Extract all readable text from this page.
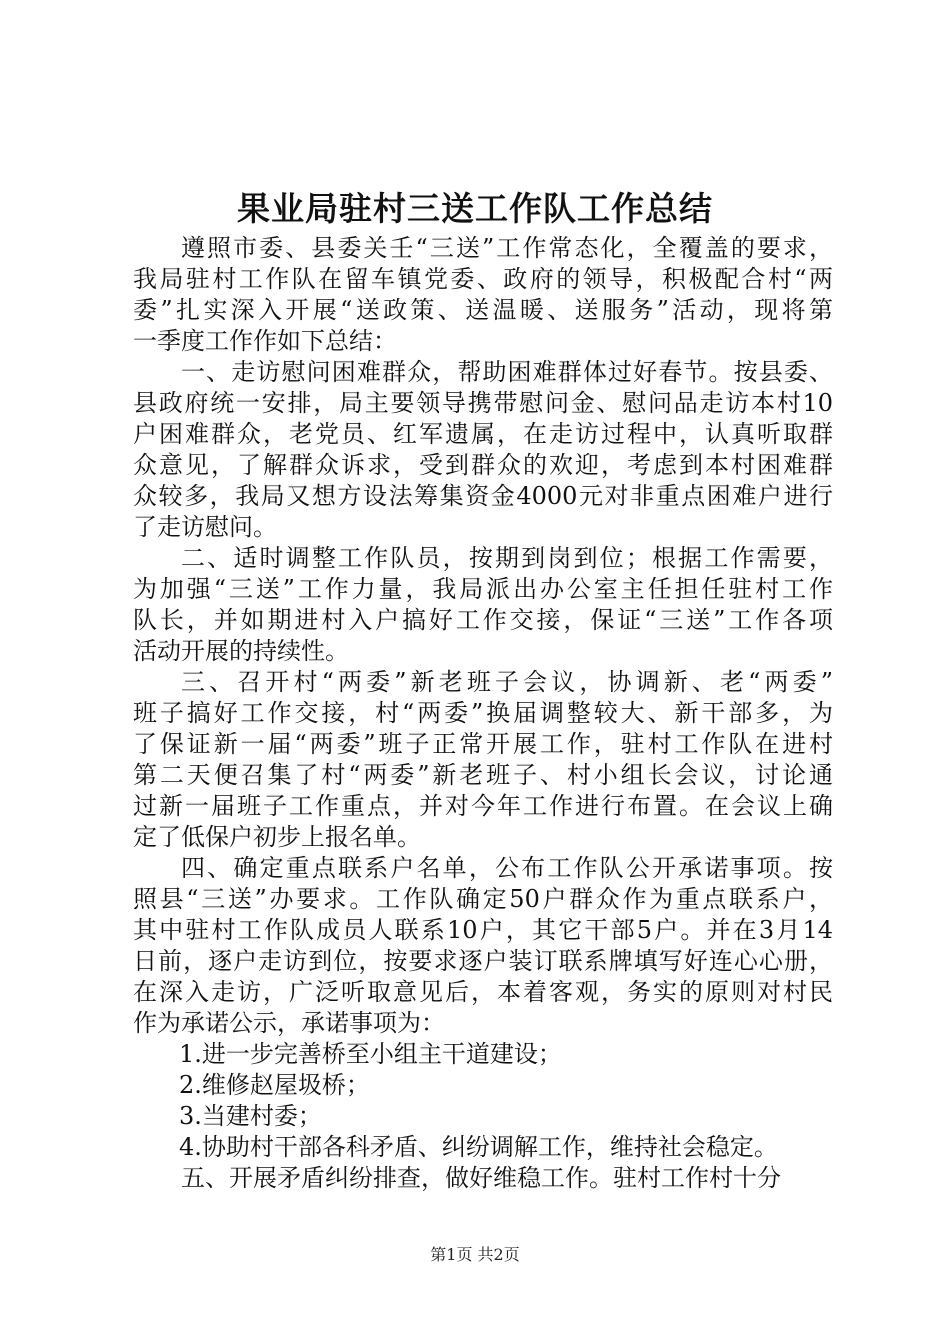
果业局驻村三送工作队工作总结
遵照市委、县委关壬“三送”工作常态化，全覆盖的要求，
我局驻村工作队在留车镇党委、政府的领导，积极配合村“两
委”扎实深入开展“送政策、送温暖、送服务”活动，现将第
一季度工作作如下总结：
一、走访慰问困难群众，帮助困难群体过好春节。按县委、
县政府统一安排，局主要领导携带慰问金、慰问品走访本村10
户困难群众，老党员、红军遗属，在走访过程中，认真听取群
众意见，了解群众诉求，受到群众的欢迎，考虑到本村困难群
众较多，我局又想方设法筹集资金4000元对非重点困难户进行
了走访慰问。
二、适时调整工作队员，按期到岗到位；根据工作需要，
为加强“三送”工作力量，我局派出办公室主任担任驻村工作
队长，并如期进村入户搞好工作交接，保证“三送”工作各项
活动开展的持续性。
三、召开村“两委”新老班子会议，协调新、老“两委”
班子搞好工作交接，村“两委”换届调整较大、新干部多，为
了保证新一届“两委”班子正常开展工作，驻村工作队在进村
第二天便召集了村“两委”新老班子、村小组长会议，讨论通
过新一届班子工作重点，并对今年工作进行布置。在会议上确
定了低保户初步上报名单。
四、确定重点联系户名单，公布工作队公开承诺事项。按
照县“三送”办要求。工作队确定50户群众作为重点联系户，
其中驻村工作队成员人联系10户，其它干部5户。并在3月14
日前，逐户走访到位，按要求逐户装订联系牌填写好连心心册，
在深入走访，广泛听取意见后，本着客观，务实的原则对村民
作为承诺公示，承诺事项为：
1.进一步完善桥至小组主干道建设；
2.维修赵屋圾桥；
3.当建村委；
4.协助村干部各科矛盾、纠纷调解工作，维持社会稳定。
五、开展矛盾纠纷排查，做好维稳工作。驻村工作村十分
第1页 共2页
